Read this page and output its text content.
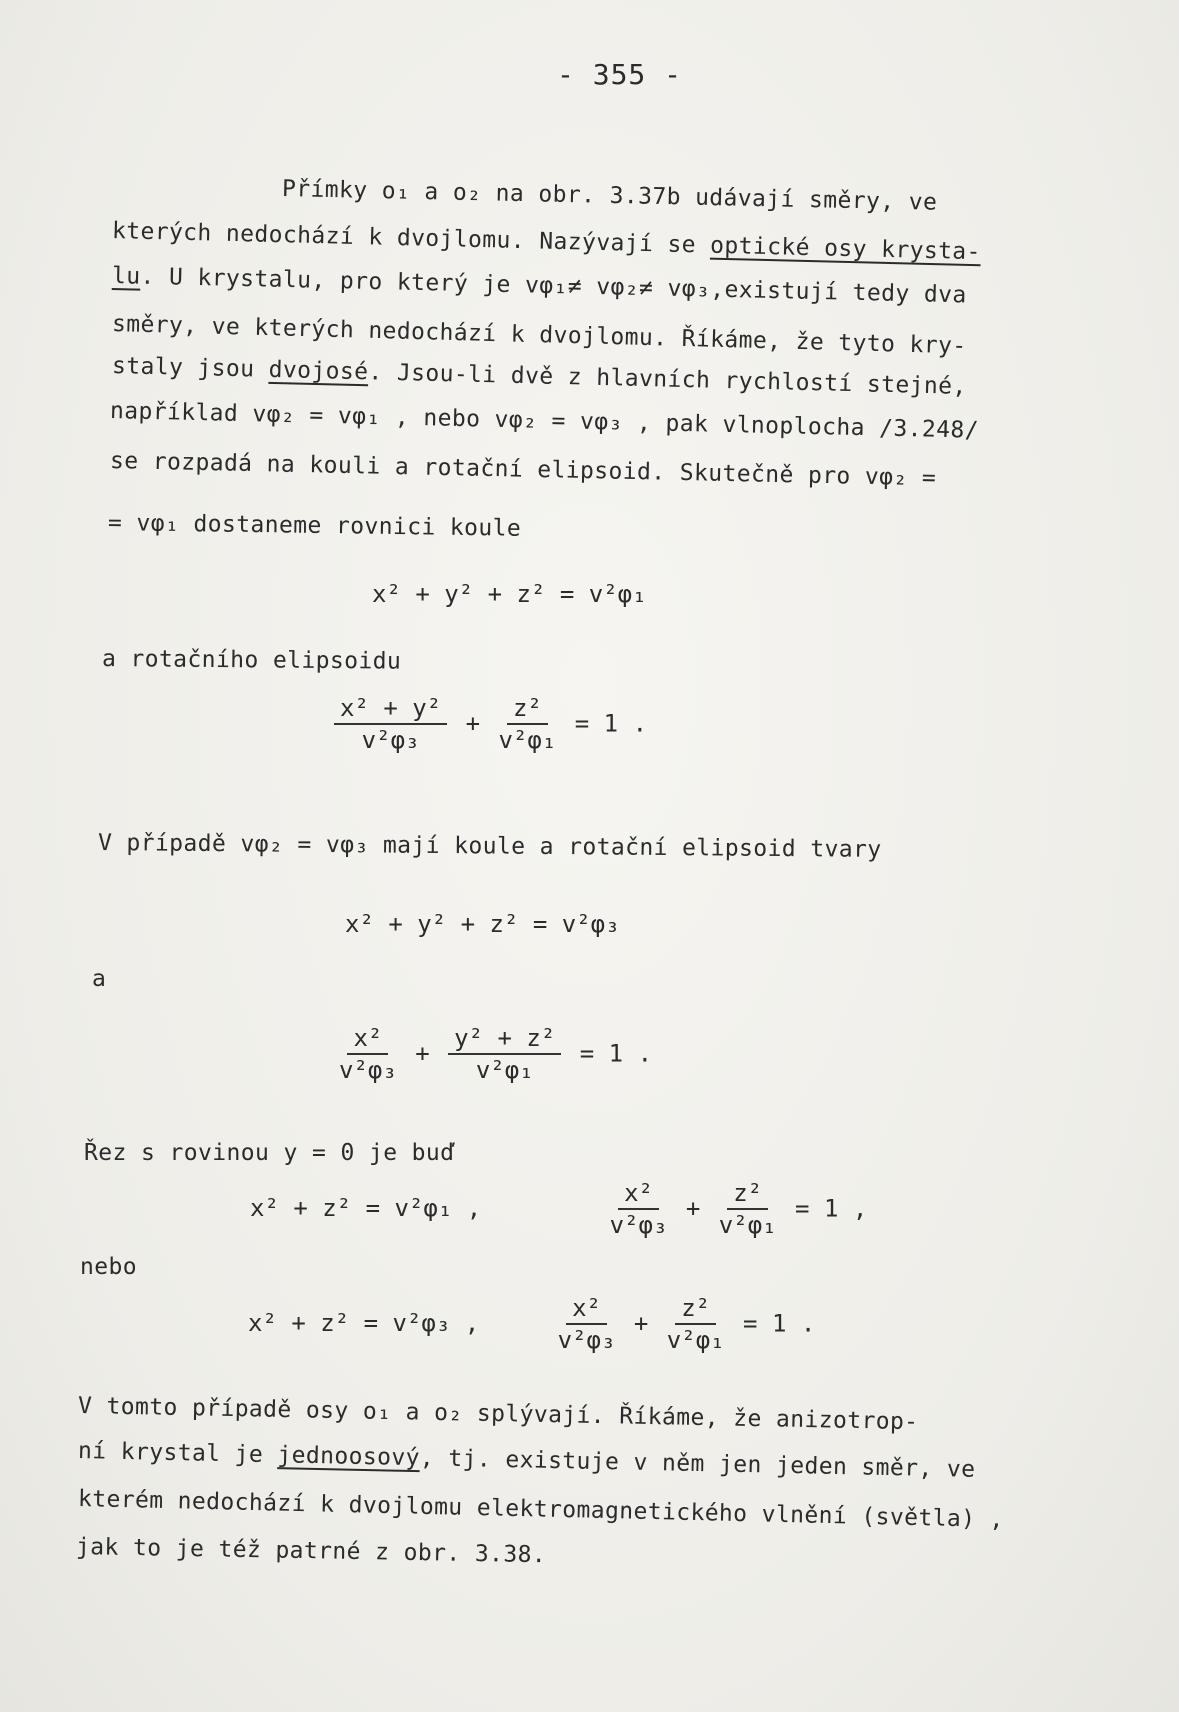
- 355 -
Přímky o₁ a o₂ na obr. 3.37b udávají směry, ve
kterých nedochází k dvojlomu. Nazývají se optické osy krysta-
lu. U krystalu, pro který je vφ₁≠ vφ₂≠ vφ₃,existují tedy dva
směry, ve kterých nedochází k dvojlomu. Říkáme, že tyto kry-
staly jsou dvojosé. Jsou-li dvě z hlavních rychlostí stejné,
například vφ₂ = vφ₁ , nebo vφ₂ = vφ₃ , pak vlnoplocha /3.248/
se rozpadá na kouli a rotační elipsoid. Skutečně pro vφ₂ =
= vφ₁ dostaneme rovnici koule
x² + y² + z² = v²φ₁
a rotačního elipsoidu
$\frac{\text{x² + y²}}{\text{v²φ₃}} + \frac{\text{z²}}{\text{v²φ₁}} = 1$ .
V případě vφ₂ = vφ₃ mají koule a rotační elipsoid tvary
x² + y² + z² = v²φ₃
a
$\frac{\text{x²}}{\text{v²φ₃}} + \frac{\text{y² + z²}}{\text{v²φ₁}} = 1$ .
Řez s rovinou y = 0 je buď
x² + z² = v²φ₁ ,	$\frac{\text{x²}}{\text{v²φ₃}} + \frac{\text{z²}}{\text{v²φ₁}} = 1$ ,
nebo
x² + z² = v²φ₃ ,	$\frac{\text{x²}}{\text{v²φ₃}} + \frac{\text{z²}}{\text{v²φ₁}} = 1$ .
V tomto případě osy o₁ a o₂ splývají. Říkáme, že anizotrop-
ní krystal je jednoosový, tj. existuje v něm jen jeden směr, ve
kterém nedochází k dvojlomu elektromagnetického vlnění (světla) ,
jak to je též patrné z obr. 3.38.
